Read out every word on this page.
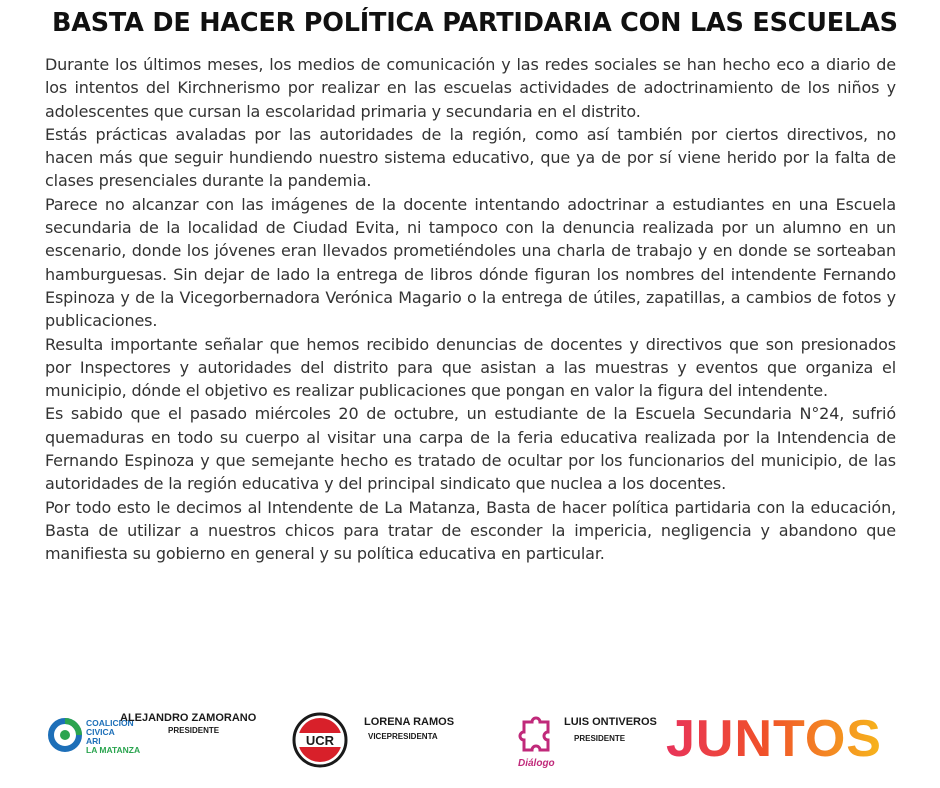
BASTA DE HACER POLÍTICA PARTIDARIA CON LAS ESCUELAS

Durante los últimos meses, los medios de comunicación y las redes sociales se han hecho eco a diario de los intentos del Kirchnerismo por realizar en las escuelas actividades de adoctrinamiento de los niños y adolescentes que cursan la escolaridad primaria y secundaria en el distrito.

Estás prácticas avaladas por las autoridades de la región, como así también por ciertos directivos, no hacen más que seguir hundiendo nuestro sistema educativo, que ya de por sí viene herido por la falta de clases presenciales durante la pandemia.

Parece no alcanzar con las imágenes de la docente intentando adoctrinar a estudiantes en una Escuela secundaria de la localidad de Ciudad Evita, ni tampoco con la denuncia realizada por un alumno en un escenario, donde los jóvenes eran llevados prometiéndoles una charla de trabajo y en donde se sorteaban hamburguesas. Sin dejar de lado la entrega de libros dónde figuran los nombres del intendente Fernando Espinoza y de la Vicegorbernadora Verónica Magario o la entrega de útiles, zapatillas, a cambios de fotos y publicaciones.

Resulta importante señalar que hemos recibido denuncias de docentes y directivos que son presionados por Inspectores y autoridades del distrito para que asistan a las muestras y eventos que organiza el municipio, dónde el objetivo es realizar publicaciones que pongan en valor la figura del intendente.

Es sabido que el pasado miércoles 20 de octubre, un estudiante de la Escuela Secundaria N°24, sufrió quemaduras en todo su cuerpo al visitar una carpa de la feria educativa realizada por la Intendencia de Fernando Espinoza y que semejante hecho es tratado de ocultar por los funcionarios del municipio, de las autoridades de la región educativa y del principal sindicato que nuclea a los docentes.

Por todo esto le decimos al Intendente de La Matanza, Basta de hacer política partidaria con la educación, Basta de utilizar a nuestros chicos para tratar de esconder la impericia, negligencia y abandono que manifiesta su gobierno en general y su política educativa en particular.

COALICION
CIVICA
ARI
LA MATANZA
ALEJANDRO ZAMORANO
PRESIDENTE
UCR
LORENA RAMOS
VICEPRESIDENTA
Diálogo
LUIS ONTIVEROS
PRESIDENTE JUNTOS
